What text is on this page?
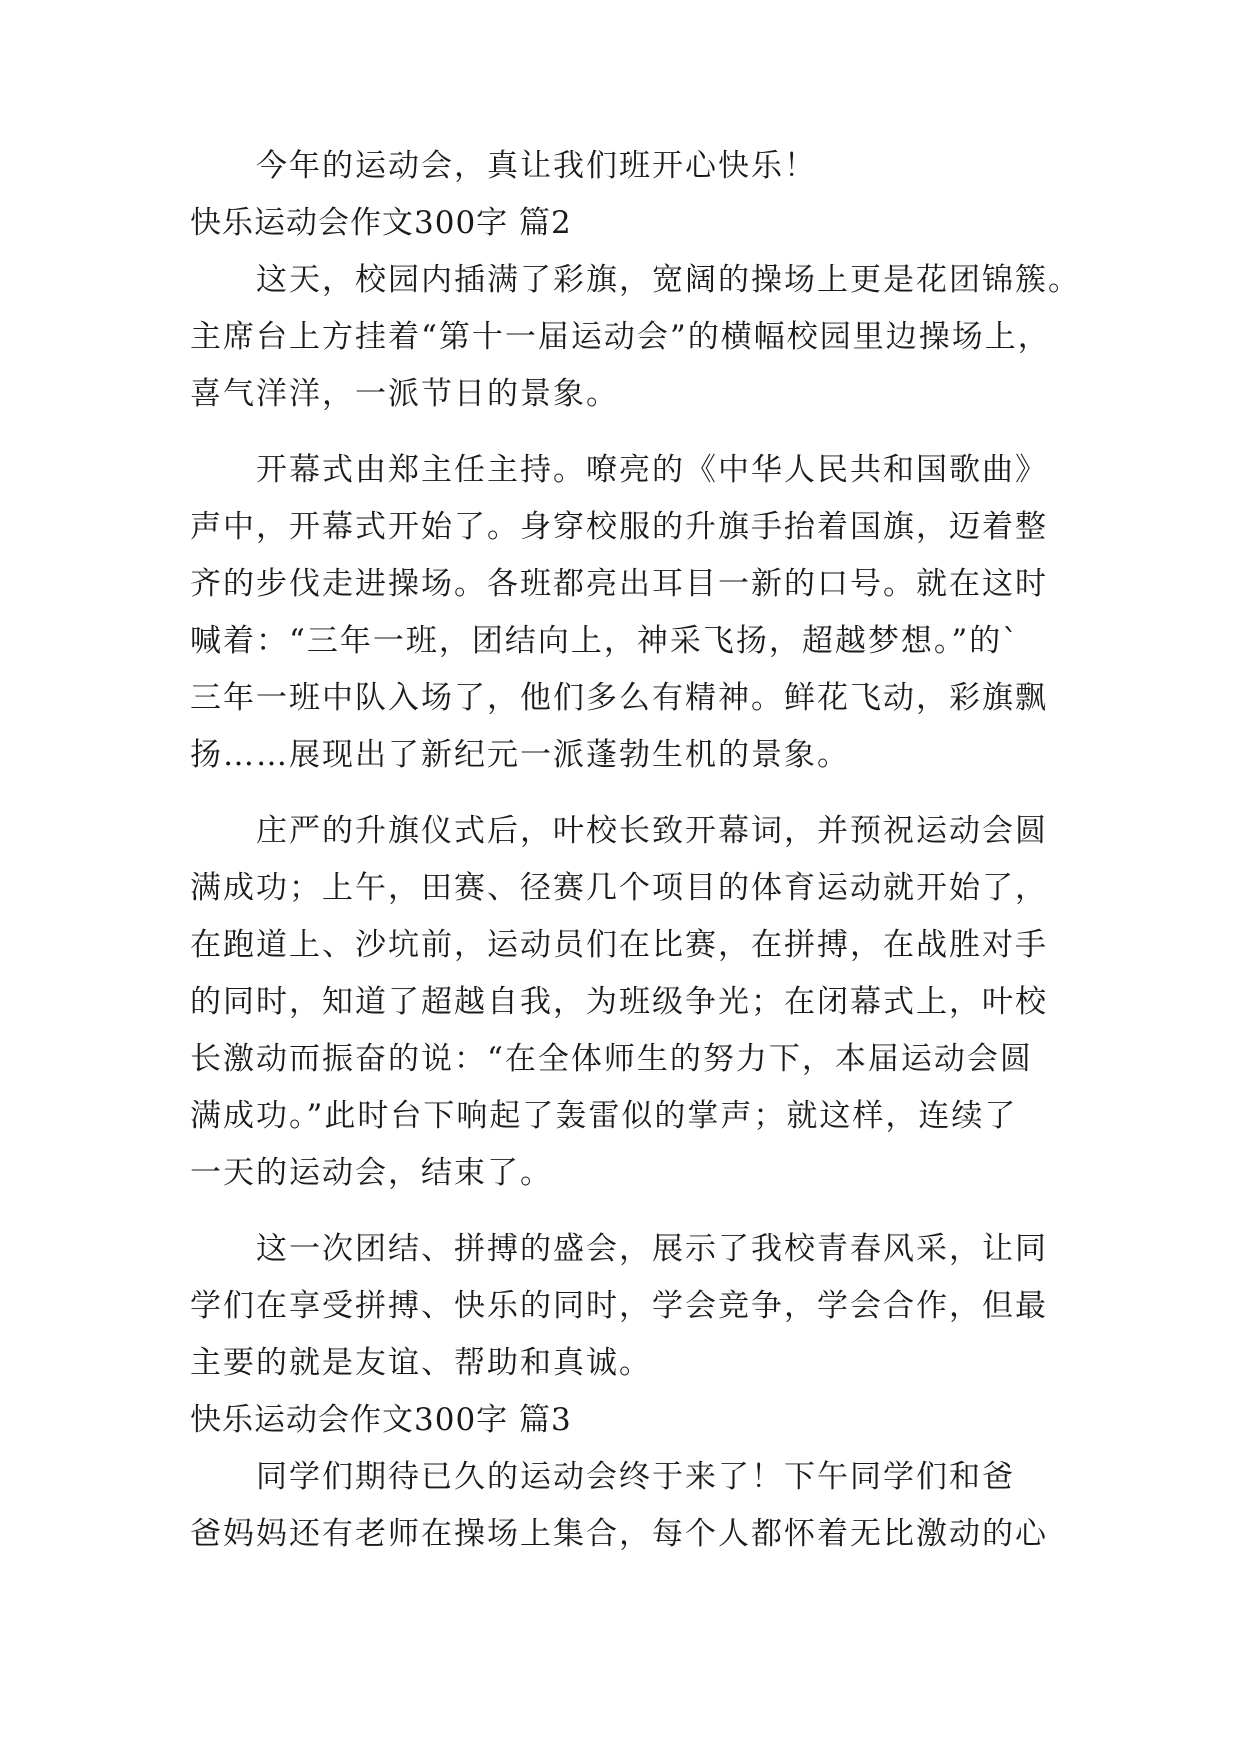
　　今年的运动会，真让我们班开心快乐！
快乐运动会作文300字 篇2
　　这天，校园内插满了彩旗，宽阔的操场上更是花团锦簇。
主席台上方挂着“第十一届运动会”的横幅校园里边操场上，
喜气洋洋，一派节日的景象。
　　开幕式由郑主任主持。嘹亮的《中华人民共和国歌曲》
声中，开幕式开始了。身穿校服的升旗手抬着国旗，迈着整
齐的步伐走进操场。各班都亮出耳目一新的口号。就在这时
喊着：“三年一班，团结向上，神采飞扬，超越梦想。”的`
三年一班中队入场了，他们多么有精神。鲜花飞动，彩旗飘
扬……展现出了新纪元一派蓬勃生机的景象。
　　庄严的升旗仪式后，叶校长致开幕词，并预祝运动会圆
满成功；上午，田赛、径赛几个项目的体育运动就开始了，
在跑道上、沙坑前，运动员们在比赛，在拼搏，在战胜对手
的同时，知道了超越自我，为班级争光；在闭幕式上，叶校
长激动而振奋的说：“在全体师生的努力下，本届运动会圆
满成功。”此时台下响起了轰雷似的掌声；就这样，连续了
一天的运动会，结束了。
　　这一次团结、拼搏的盛会，展示了我校青春风采，让同
学们在享受拼搏、快乐的同时，学会竞争，学会合作，但最
主要的就是友谊、帮助和真诚。
快乐运动会作文300字 篇3
　　同学们期待已久的运动会终于来了！下午同学们和爸
爸妈妈还有老师在操场上集合，每个人都怀着无比激动的心
